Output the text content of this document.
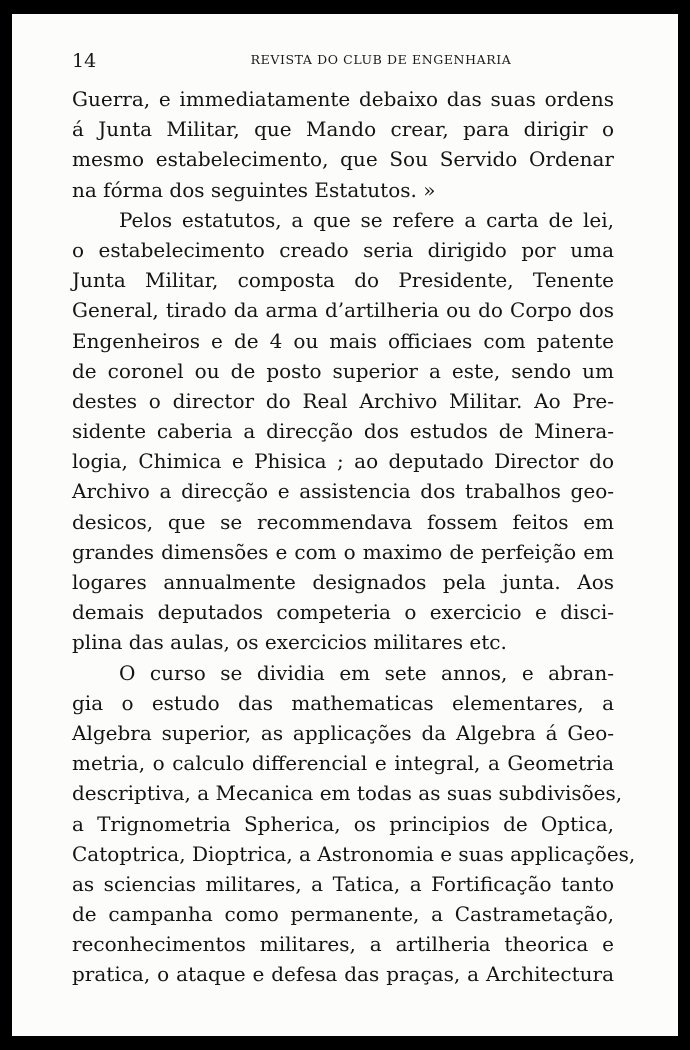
14	REVISTA DO CLUB DE ENGENHARIA
Guerra, e immediatamente debaixo das suas ordens
á Junta Militar, que Mando crear, para dirigir o
mesmo estabelecimento, que Sou Servido Ordenar
na fórma dos seguintes Estatutos. »
Pelos estatutos, a que se refere a carta de lei,
o estabelecimento creado seria dirigido por uma
Junta Militar, composta do Presidente, Tenente
General, tirado da arma d’artilheria ou do Corpo dos
Engenheiros e de 4 ou mais officiaes com patente
de coronel ou de posto superior a este, sendo um
destes o director do Real Archivo Militar. Ao Pre-
sidente caberia a direcção dos estudos de Minera-
logia, Chimica e Phisica ; ao deputado Director do
Archivo a direcção e assistencia dos trabalhos geo-
desicos, que se recommendava fossem feitos em
grandes dimensões e com o maximo de perfeição em
logares annualmente designados pela junta. Aos
demais deputados competeria o exercicio e disci-
plina das aulas, os exercicios militares etc.
O curso se dividia em sete annos, e abran-
gia o estudo das mathematicas elementares, a
Algebra superior, as applicações da Algebra á Geo-
metria, o calculo differencial e integral, a Geometria
descriptiva, a Mecanica em todas as suas subdivisões,
a Trignometria Spherica, os principios de Optica,
Catoptrica, Dioptrica, a Astronomia e suas applicações,
as sciencias militares, a Tatica, a Fortificação tanto
de campanha como permanente, a Castrametação,
reconhecimentos militares, a artilheria theorica e
pratica, o ataque e defesa das praças, a Architectura
